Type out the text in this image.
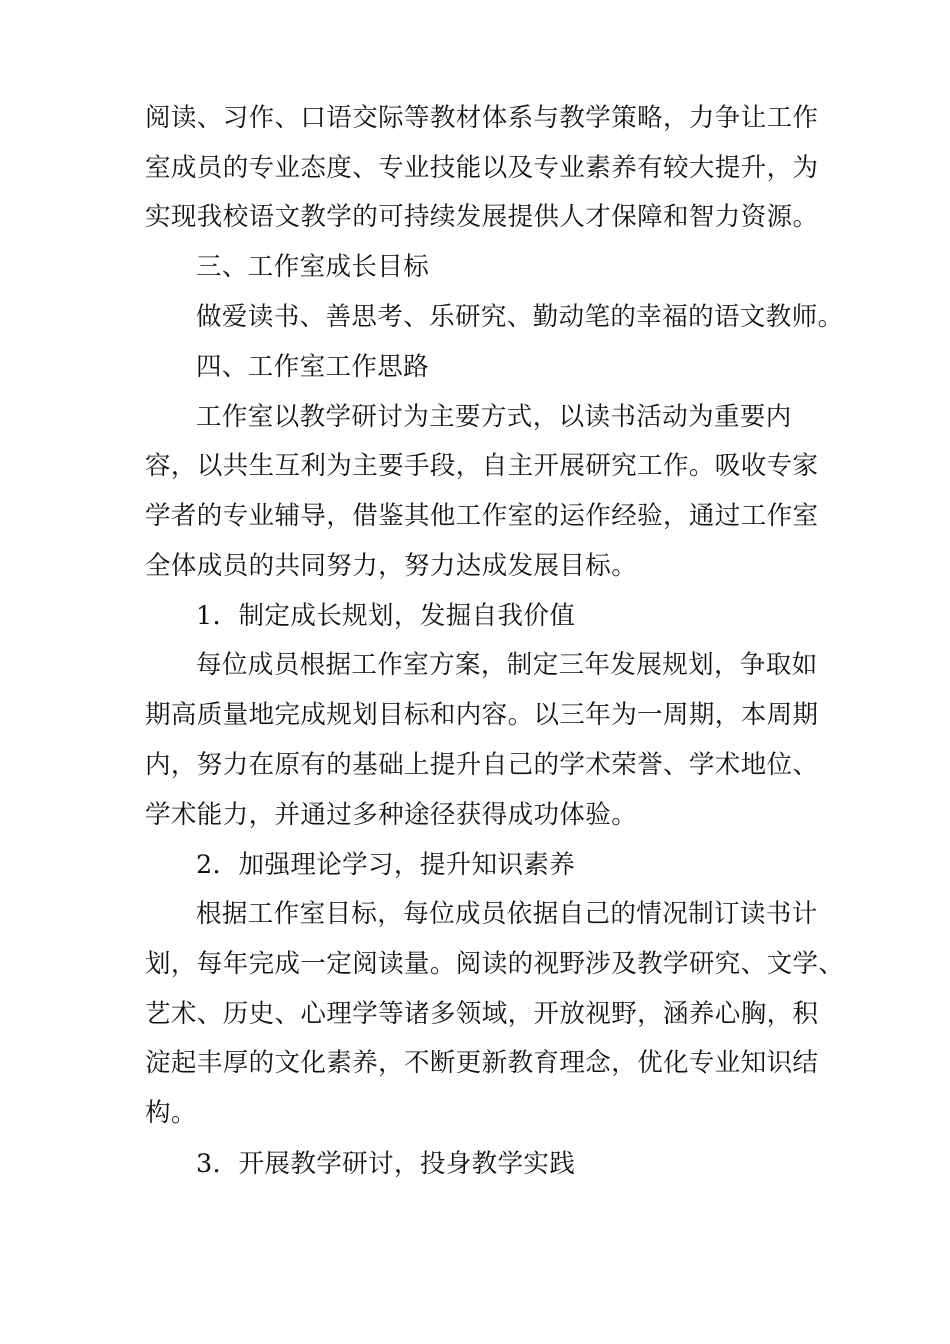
阅读、习作、口语交际等教材体系与教学策略，力争让工作
室成员的专业态度、专业技能以及专业素养有较大提升，为
实现我校语文教学的可持续发展提供人才保障和智力资源。
三、工作室成长目标
做爱读书、善思考、乐研究、勤动笔的幸福的语文教师。
四、工作室工作思路
工作室以教学研讨为主要方式，以读书活动为重要内
容，以共生互利为主要手段，自主开展研究工作。吸收专家
学者的专业辅导，借鉴其他工作室的运作经验，通过工作室
全体成员的共同努力，努力达成发展目标。
1．制定成长规划，发掘自我价值
每位成员根据工作室方案，制定三年发展规划，争取如
期高质量地完成规划目标和内容。以三年为一周期，本周期
内，努力在原有的基础上提升自己的学术荣誉、学术地位、
学术能力，并通过多种途径获得成功体验。
2．加强理论学习，提升知识素养
根据工作室目标，每位成员依据自己的情况制订读书计
划，每年完成一定阅读量。阅读的视野涉及教学研究、文学、
艺术、历史、心理学等诸多领域，开放视野，涵养心胸，积
淀起丰厚的文化素养，不断更新教育理念，优化专业知识结
构。
3．开展教学研讨，投身教学实践
